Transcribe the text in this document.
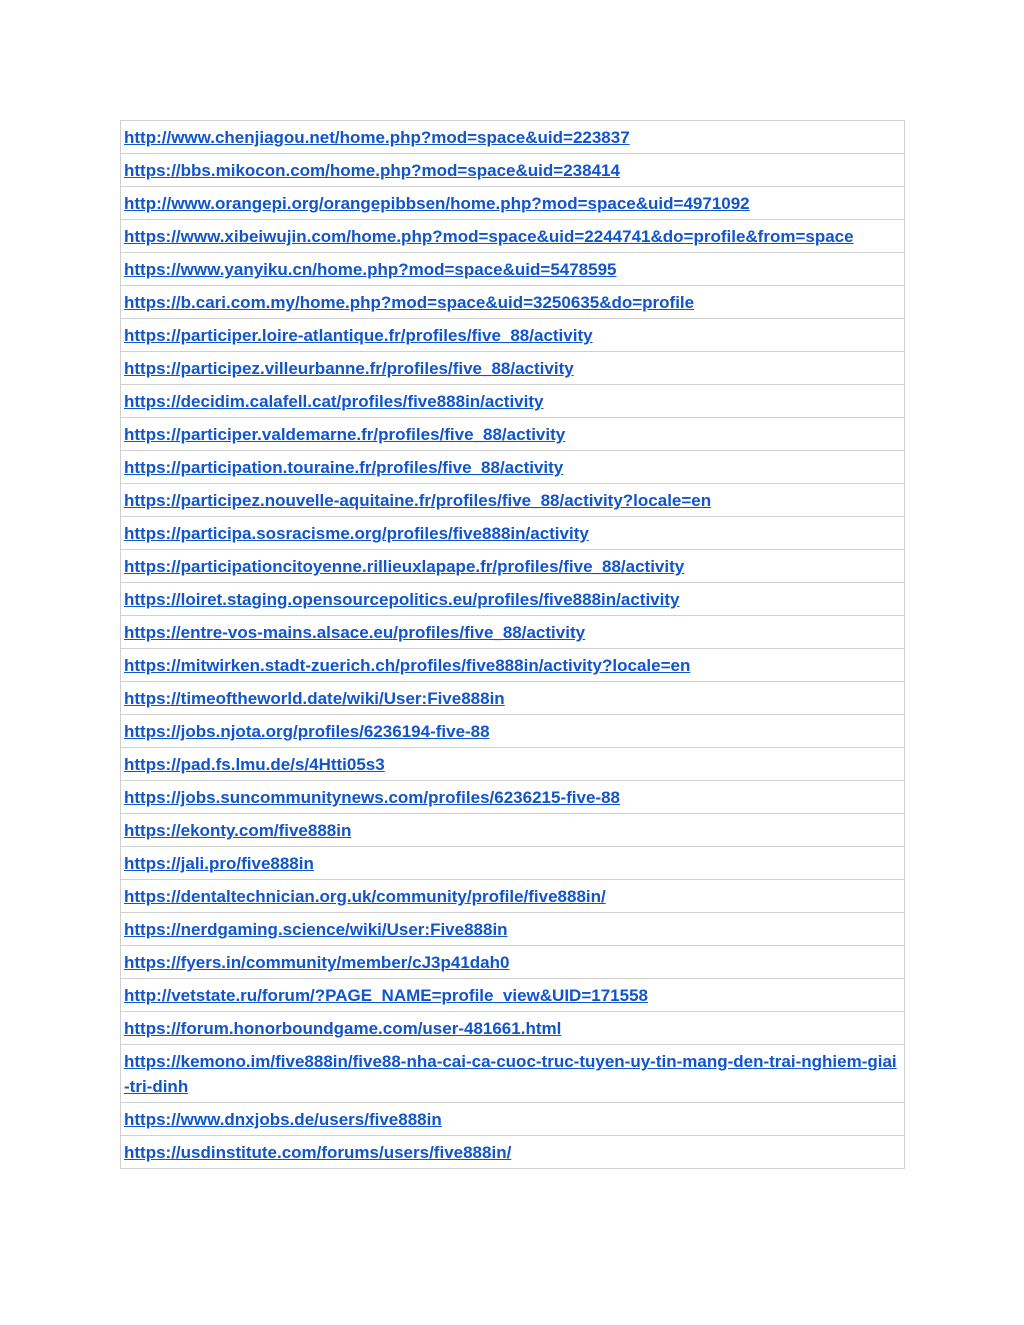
http://www.chenjiagou.net/home.php?mod=space&uid=223837
https://bbs.mikocon.com/home.php?mod=space&uid=238414
http://www.orangepi.org/orangepibbsen/home.php?mod=space&uid=4971092
https://www.xibeiwujin.com/home.php?mod=space&uid=2244741&do=profile&from=space
https://www.yanyiku.cn/home.php?mod=space&uid=5478595
https://b.cari.com.my/home.php?mod=space&uid=3250635&do=profile
https://participer.loire-atlantique.fr/profiles/five_88/activity
https://participez.villeurbanne.fr/profiles/five_88/activity
https://decidim.calafell.cat/profiles/five888in/activity
https://participer.valdemarne.fr/profiles/five_88/activity
https://participation.touraine.fr/profiles/five_88/activity
https://participez.nouvelle-aquitaine.fr/profiles/five_88/activity?locale=en
https://participa.sosracisme.org/profiles/five888in/activity
https://participationcitoyenne.rillieuxlapape.fr/profiles/five_88/activity
https://loiret.staging.opensourcepolitics.eu/profiles/five888in/activity
https://entre-vos-mains.alsace.eu/profiles/five_88/activity
https://mitwirken.stadt-zuerich.ch/profiles/five888in/activity?locale=en
https://timeoftheworld.date/wiki/User:Five888in
https://jobs.njota.org/profiles/6236194-five-88
https://pad.fs.lmu.de/s/4Htti05s3
https://jobs.suncommunitynews.com/profiles/6236215-five-88
https://ekonty.com/five888in
https://jali.pro/five888in
https://dentaltechnician.org.uk/community/profile/five888in/
https://nerdgaming.science/wiki/User:Five888in
https://fyers.in/community/member/cJ3p41dah0
http://vetstate.ru/forum/?PAGE_NAME=profile_view&UID=171558
https://forum.honorboundgame.com/user-481661.html
https://kemono.im/five888in/five88-nha-cai-ca-cuoc-truc-tuyen-uy-tin-mang-den-trai-nghiem-giai-tri-dinh
https://www.dnxjobs.de/users/five888in
https://usdinstitute.com/forums/users/five888in/
